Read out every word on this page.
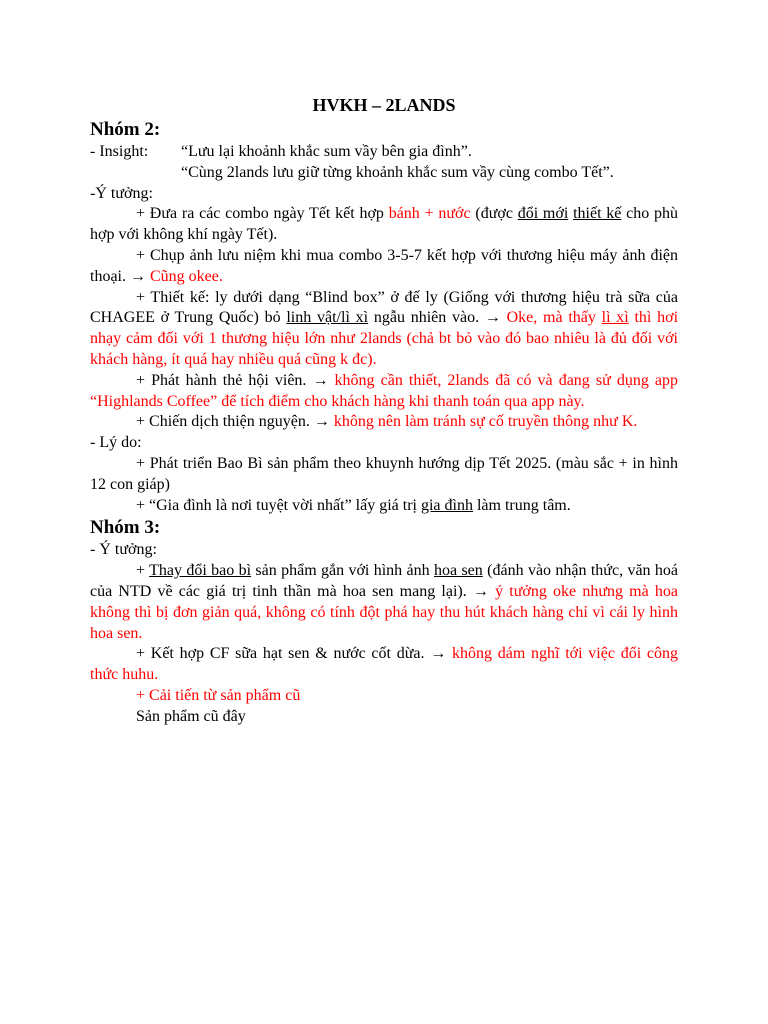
HVKH – 2LANDS

Nhóm 2:

- Insight:	“Lưu lại khoảnh khắc sum vầy bên gia đình”.

“Cùng 2lands lưu giữ từng khoảnh khắc sum vầy cùng combo Tết”.

-Ý tưởng:

+ Đưa ra các combo ngày Tết kết hợp bánh + nước (được đổi mới thiết kế cho phù hợp với không khí ngày Tết).

+ Chụp ảnh lưu niệm khi mua combo 3-5-7 kết hợp với thương hiệu máy ảnh điện thoại. → Cũng okee.

+ Thiết kế: ly dưới dạng “Blind box” ở đế ly (Giống với thương hiệu trà sữa của CHAGEE ở Trung Quốc) bỏ linh vật/lì xì ngẫu nhiên vào. → Oke, mà thấy lì xì thì hơi nhạy cảm đối với 1 thương hiệu lớn như 2lands (chả bt bỏ vào đó bao nhiêu là đủ đối với khách hàng, ít quá hay nhiều quá cũng k đc).

+ Phát hành thẻ hội viên. → không cần thiết, 2lands đã có và đang sử dụng app “Highlands Coffee” để tích điểm cho khách hàng khi thanh toán qua app này.

+ Chiến dịch thiện nguyện. → không nên làm tránh sự cố truyền thông như K.

- Lý do:

+ Phát triển Bao Bì sản phẩm theo khuynh hướng dịp Tết 2025. (màu sắc + in hình 12 con giáp)

+ “Gia đình là nơi tuyệt vời nhất” lấy giá trị gia đình làm trung tâm.

Nhóm 3:

- Ý tưởng:

+ Thay đổi bao bì sản phẩm gắn với hình ảnh hoa sen (đánh vào nhận thức, văn hoá của NTD về các giá trị tinh thần mà hoa sen mang lại). → ý tưởng oke nhưng mà hoa không thì bị đơn giản quá, không có tính đột phá hay thu hút khách hàng chỉ vì cái ly hình hoa sen.

+ Kết hợp CF sữa hạt sen & nước cốt dừa. → không dám nghĩ tới việc đổi công thức huhu.

+ Cải tiến từ sản phẩm cũ

Sản phẩm cũ đây
